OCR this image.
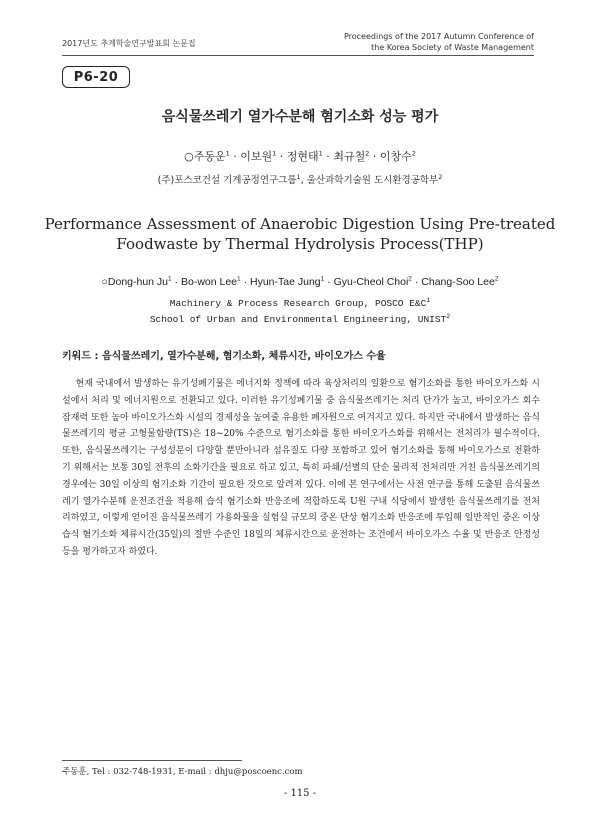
2017년도 추계학술연구발표회 논문집
Proceedings of the 2017 Autumn Conference of
the Korea Society of Waste Management
P6-20
음식물쓰레기 열가수분해 혐기소화 성능 평가
○주동운$^1$ · 이보원$^1$ · 정현태$^1$ · 최규철$^2$ · 이창수$^2$
(주)포스코건설 기계공정연구그룹$^1$, 울산과학기술원 도시환경공학부$^2$
Performance Assessment of Anaerobic Digestion Using Pre-treated
Foodwaste by Thermal Hydrolysis Process(THP)
○Dong-hun $Ju^1 \cdot Bo-won$ Lee$^1$ · Hyun-Tae Jung$^1$ · Gyu-Cheol Choi$^2$ · Chang-Soo Lee$^2$
Machinery & Process Research Group, POSCO $E\&C^1$
School of Urban and Environmental Engineering, UNIST$^2$
키워드 : 음식물쓰레기, 열가수분해, 혐기소화, 체류시간, 바이오가스 수율
현재 국내에서 발생하는 유기성폐기물은 에너지화 정책에 따라 육상처리의 일환으로 혐기소화를 통한 바이오가스화 시설에서 처리 및 에너지원으로 전환되고 있다. 이러한 유기성폐기물 중 음식물쓰레기는 처리 단가가 높고, 바이오가스 회수 잠재력 또한 높아 바이오가스화 시설의 경제성을 높여줄 유용한 폐자원으로 여겨지고 있다. 하지만 국내에서 발생하는 음식물쓰레기의 평균 고형물함량(TS)은 18~20% 수준으로 혐기소화를 통한 바이오가스화를 위해서는 전처리가 필수적이다. 또한, 음식물쓰레기는 구성성분이 다양할 뿐만아니라 섬유질도 다량 포함하고 있어 혐기소화를 통해 바이오가스로 전환하기 위해서는 보통 30일 전후의 소화기간을 필요로 하고 있고, 특히 파쇄/선별의 단순 물리적 전처리만 거친 음식물쓰레기의 경우에는 30일 이상의 혐기소화 기간이 필요한 것으로 알려져 있다. 이에 본 연구에서는 사전 연구를 통해 도출된 음식물쓰레기 열가수분해 운전조건을 적용해 습식 혐기소화 반응조에 적합하도록 U원 구내 식당에서 발생한 음식물쓰레기를 전처리하였고, 이렇게 얻어진 음식물쓰레기 가용화물을 실험실 규모의 중온 단상 혐기소화 반응조에 투입해 일반적인 중온 이상 습식 혐기소화 체류시간(35일)의 절반 수준인 18일의 체류시간으로 운전하는 조건에서 바이오가스 수율 및 반응조 안정성 등을 평가하고자 하였다.
주동훈, Tel : 032-748-1931, E-mail : dhju@poscoenc.com
- 115 -
